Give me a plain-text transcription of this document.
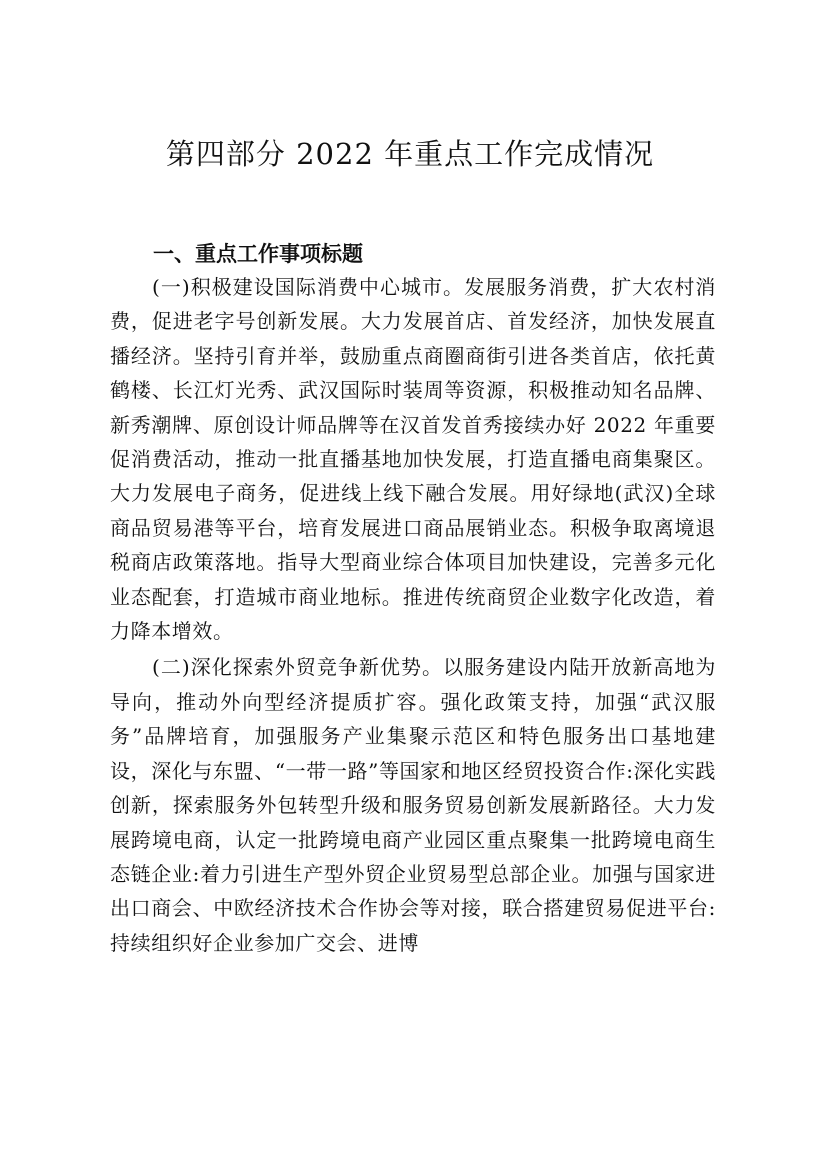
第四部分 2022 年重点工作完成情况
一、重点工作事项标题

(一)积极建设国际消费中心城市。发展服务消费，扩大农村消费，促进老字号创新发展。大力发展首店、首发经济，加快发展直播经济。坚持引育并举，鼓励重点商圈商街引进各类首店，依托黄鹤楼、长江灯光秀、武汉国际时装周等资源，积极推动知名品牌、新秀潮牌、原创设计师品牌等在汉首发首秀接续办好 2022 年重要促消费活动，推动一批直播基地加快发展，打造直播电商集聚区。大力发展电子商务，促进线上线下融合发展。用好绿地(武汉)全球商品贸易港等平台，培育发展进口商品展销业态。积极争取离境退税商店政策落地。指导大型商业综合体项目加快建设，完善多元化业态配套，打造城市商业地标。推进传统商贸企业数字化改造，着力降本增效。

(二)深化探索外贸竞争新优势。以服务建设内陆开放新高地为导向，推动外向型经济提质扩容。强化政策支持，加强“武汉服务”品牌培育，加强服务产业集聚示范区和特色服务出口基地建设，深化与东盟、“一带一路”等国家和地区经贸投资合作:深化实践创新，探索服务外包转型升级和服务贸易创新发展新路径。大力发展跨境电商，认定一批跨境电商产业园区重点聚集一批跨境电商生态链企业:着力引进生产型外贸企业贸易型总部企业。加强与国家进出口商会、中欧经济技术合作协会等对接，联合搭建贸易促进平台:持续组织好企业参加广交会、进博
